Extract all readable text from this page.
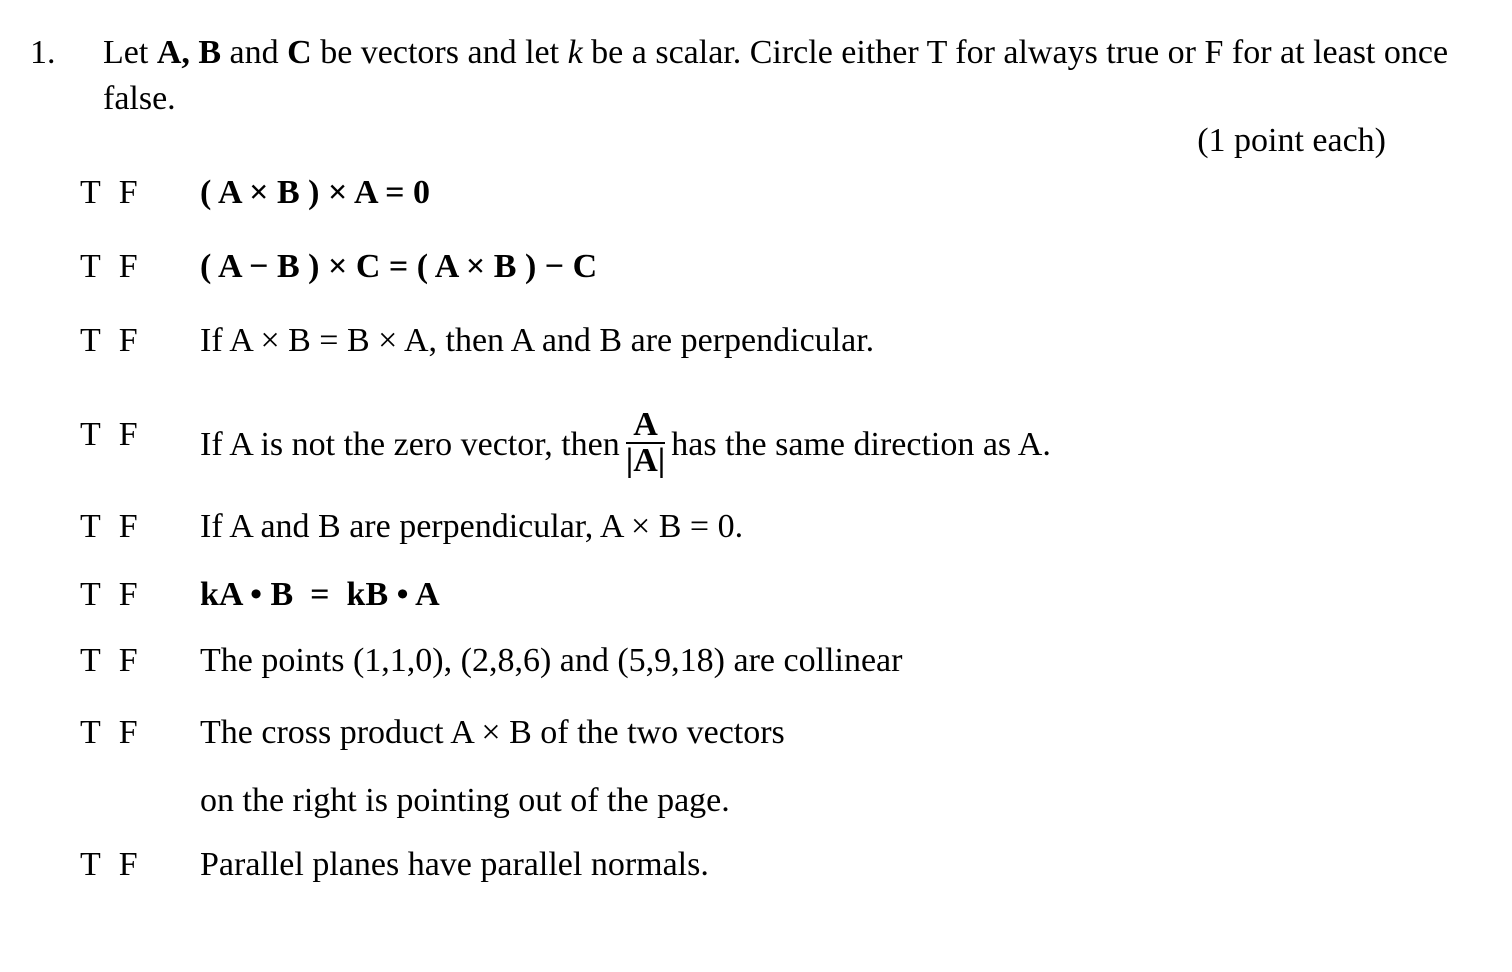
1. Let A, B and C be vectors and let k be a scalar. Circle either T for always true or F for at least once false.
(1 point each)
T F ( A × B ) × A = 0
T F ( A − B ) × C = ( A × B ) − C
T F If A × B = B × A, then A and B are perpendicular.
T F If A is not the zero vector, then $\frac{A}{|A|}$ has the same direction as A.
T F If A and B are perpendicular, A × B = 0.
T F kA • B  =  kB • A
T F The points (1,1,0), (2,8,6) and (5,9,18) are collinear
T F The cross product A × B of the two vectors
on the right is pointing out of the page.
T F Parallel planes have parallel normals.
